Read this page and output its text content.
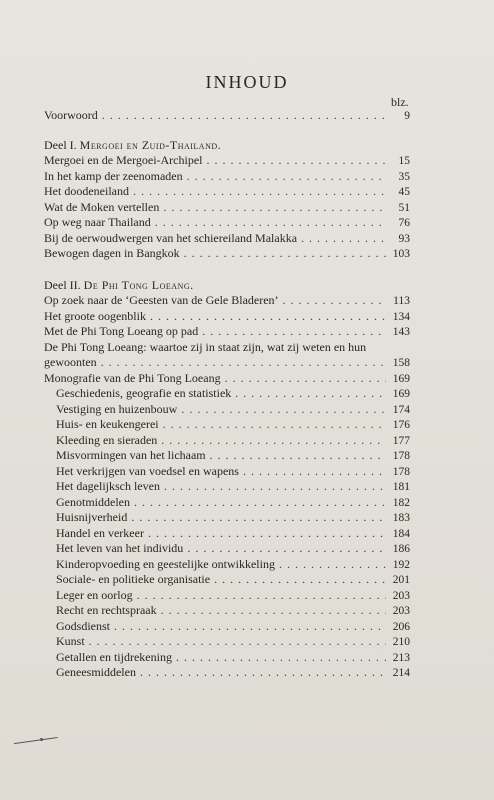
INHOUD
blz.
Voorwoord . . .	9
Deel I. Mergoei en Zuid-Thailand.
Mergoei en de Mergoei-Archipel . . .	15
In het kamp der zeenomaden . . .	35
Het doodeneiland . . .	45
Wat de Moken vertellen . . .	51
Op weg naar Thailand . . .	76
Bij de oerwoudwergen van het schiereiland Malakka . . .	93
Bewogen dagen in Bangkok . . .	103
Deel II. De Phi Tong Loeang.
Op zoek naar de ‘Geesten van de Gele Bladeren’ . . .	113
Het groote oogenblik . . .	134
Met de Phi Tong Loeang op pad . . .	143
De Phi Tong Loeang: waartoe zij in staat zijn, wat zij weten en hun
gewoonten . . .	158
Monografie van de Phi Tong Loeang . . .	169
Geschiedenis, geografie en statistiek . . .	169
Vestiging en huizenbouw . . .	174
Huis- en keukengerei . . .	176
Kleeding en sieraden . . .	177
Misvormingen van het lichaam . . .	178
Het verkrijgen van voedsel en wapens . . .	178
Het dagelijksch leven . . .	181
Genotmiddelen . . .	182
Huisnijverheid . . .	183
Handel en verkeer . . .	184
Het leven van het individu . . .	186
Kinderopvoeding en geestelijke ontwikkeling . . .	192
Sociale- en politieke organisatie . . .	201
Leger en oorlog . . .	203
Recht en rechtspraak . . .	203
Godsdienst . . .	206
Kunst . . .	210
Getallen en tijdrekening . . .	213
Geneesmiddelen . . .	214
